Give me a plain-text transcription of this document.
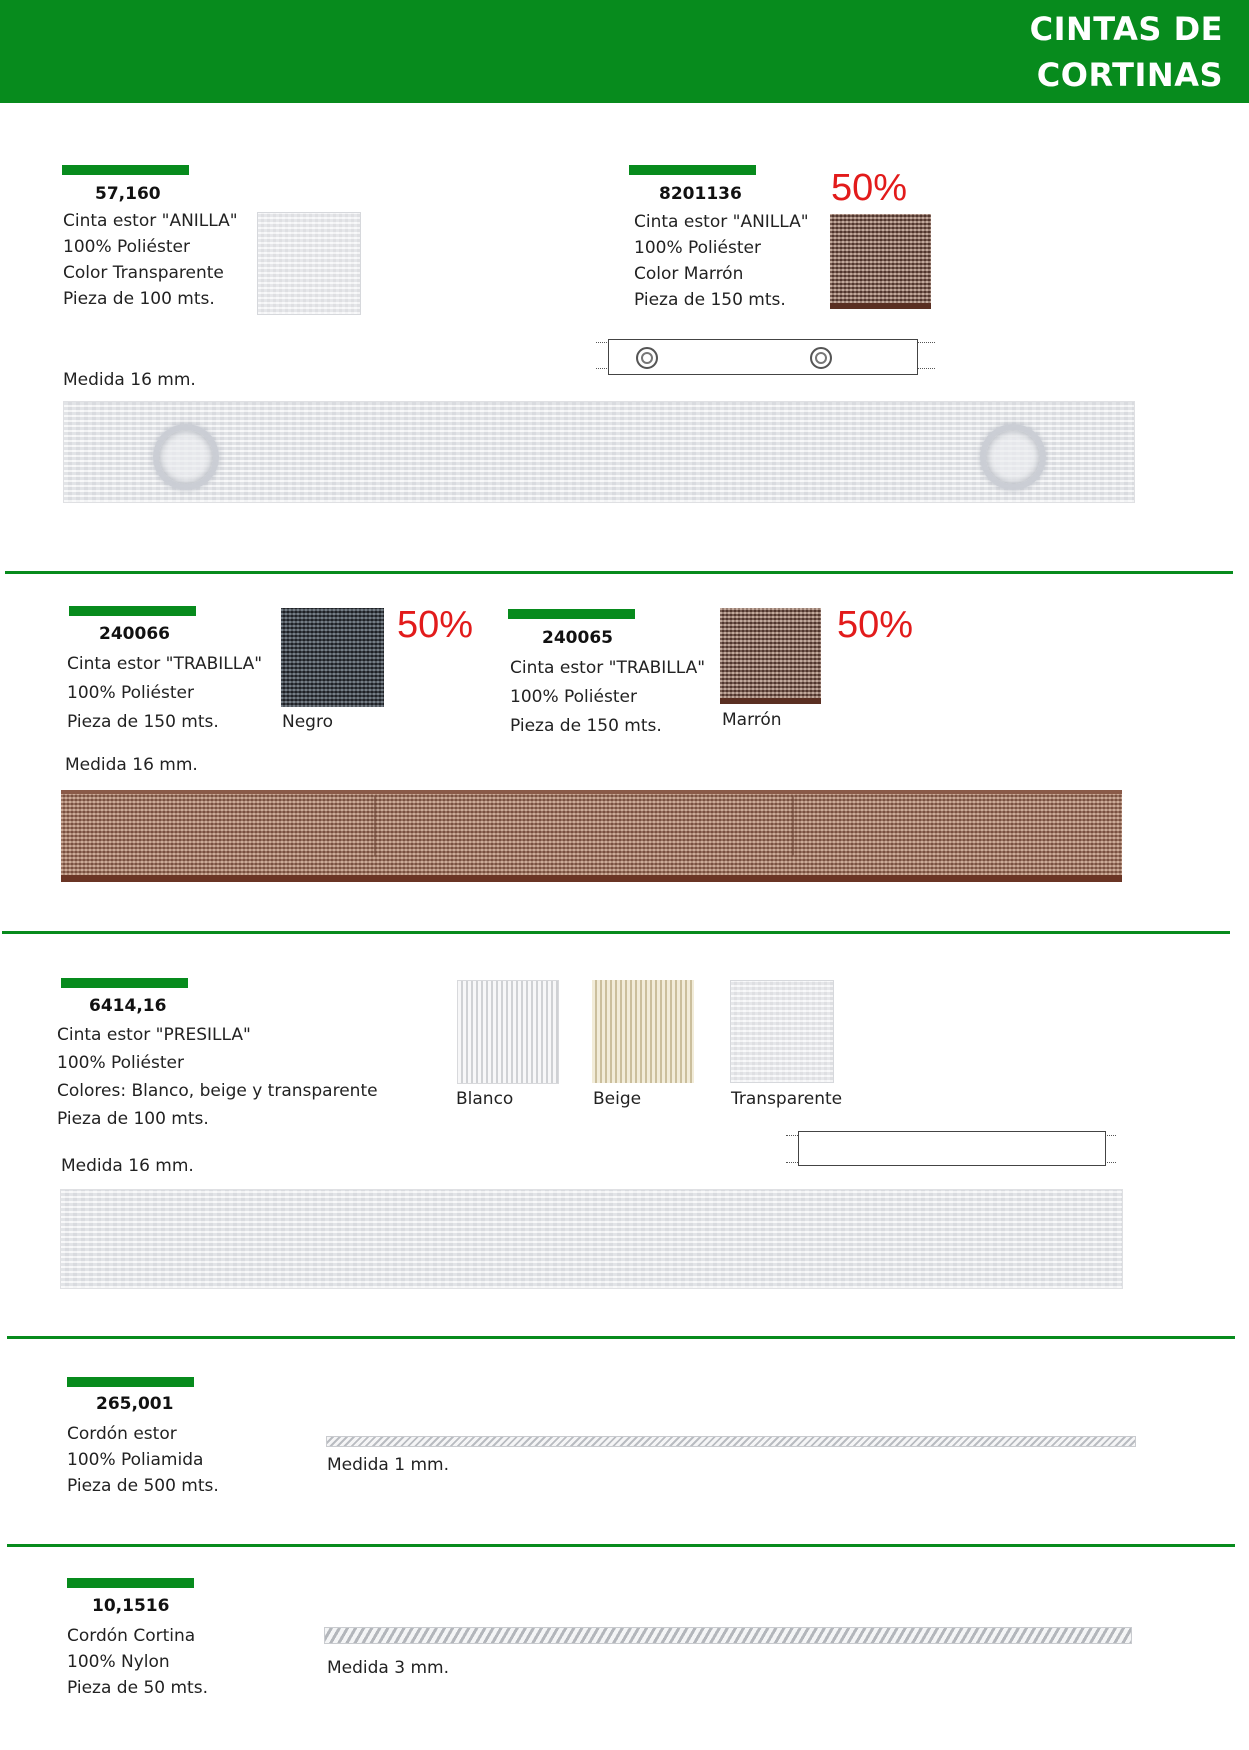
CINTAS DE
CORTINAS
57,160
Cinta estor "ANILLA"
100% Poliéster
Color Transparente
Pieza de 100 mts.
Medida 16 mm.
8201136 50%
Cinta estor "ANILLA"
100% Poliéster
Color Marrón
Pieza de 150 mts.
240066
Cinta estor "TRABILLA"
100% Poliéster
Pieza de 150 mts.	Negro
50%
Medida 16 mm.
240065
Cinta estor "TRABILLA"
100% Poliéster
Pieza de 150 mts.	Marrón
50%
6414,16
Cinta estor "PRESILLA"
100% Poliéster
Colores: Blanco, beige y transparente
Pieza de 100 mts.
Blanco	Beige	Transparente
Medida 16 mm.
265,001
Cordón estor
100% Poliamida
Pieza de 500 mts.
Medida 1 mm.
10,1516
Cordón Cortina
100% Nylon
Pieza de 50 mts.
Medida 3 mm.
